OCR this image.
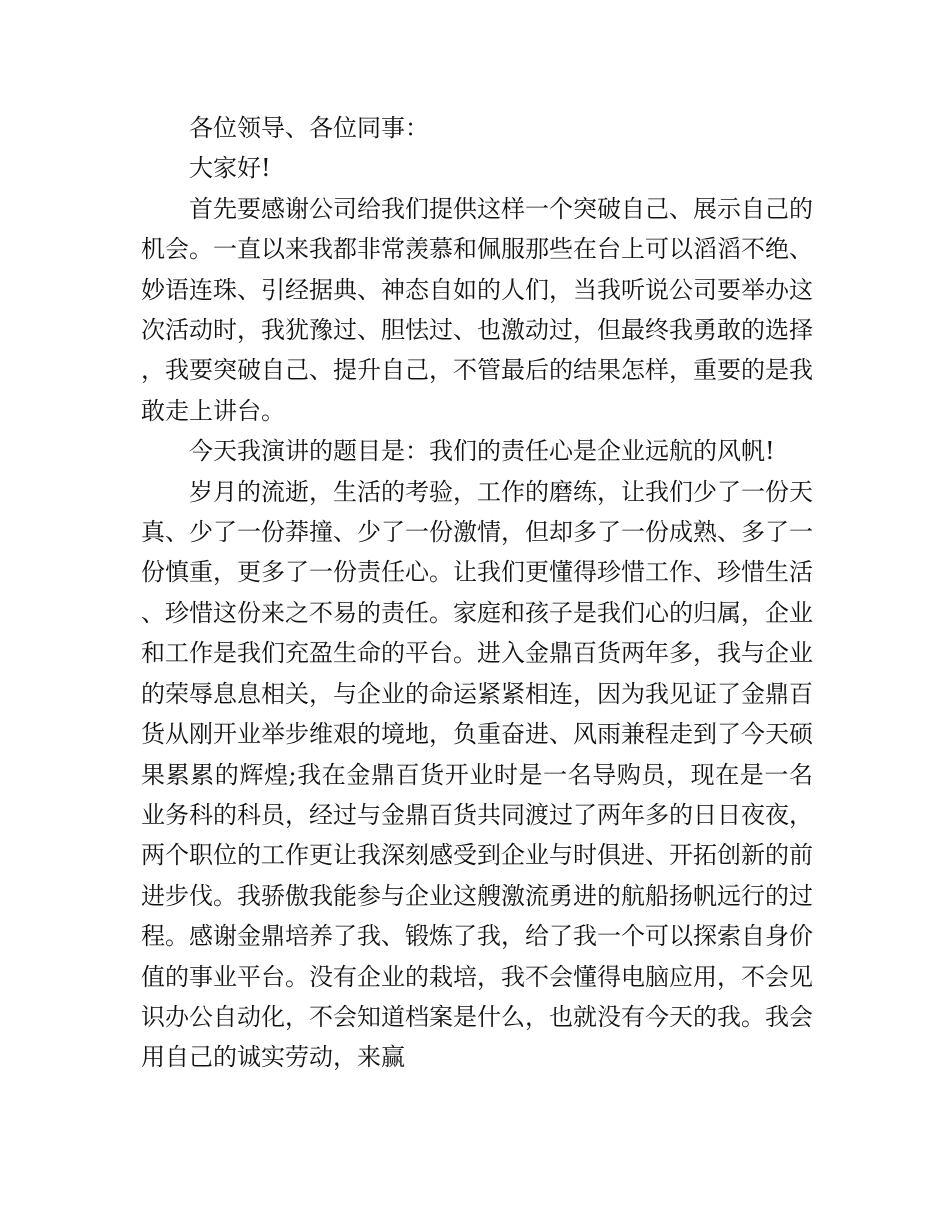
各位领导、各位同事：

大家好!

首先要感谢公司给我们提供这样一个突破自己、展示自己的机会。一直以来我都非常羡慕和佩服那些在台上可以滔滔不绝、妙语连珠、引经据典、神态自如的人们，当我听说公司要举办这次活动时，我犹豫过、胆怯过、也激动过，但最终我勇敢的选择，我要突破自己、提升自己，不管最后的结果怎样，重要的是我敢走上讲台。

今天我演讲的题目是：我们的责任心是企业远航的风帆!

岁月的流逝，生活的考验，工作的磨练，让我们少了一份天真、少了一份莽撞、少了一份激情，但却多了一份成熟、多了一份慎重，更多了一份责任心。让我们更懂得珍惜工作、珍惜生活、珍惜这份来之不易的责任。家庭和孩子是我们心的归属，企业和工作是我们充盈生命的平台。进入金鼎百货两年多，我与企业的荣辱息息相关，与企业的命运紧紧相连，因为我见证了金鼎百货从刚开业举步维艰的境地，负重奋进、风雨兼程走到了今天硕果累累的辉煌;我在金鼎百货开业时是一名导购员，现在是一名业务科的科员，经过与金鼎百货共同渡过了两年多的日日夜夜，两个职位的工作更让我深刻感受到企业与时俱进、开拓创新的前进步伐。我骄傲我能参与企业这艘激流勇进的航船扬帆远行的过程。感谢金鼎培养了我、锻炼了我，给了我一个可以探索自身价值的事业平台。没有企业的栽培，我不会懂得电脑应用，不会见识办公自动化，不会知道档案是什么，也就没有今天的我。我会用自己的诚实劳动，来赢
